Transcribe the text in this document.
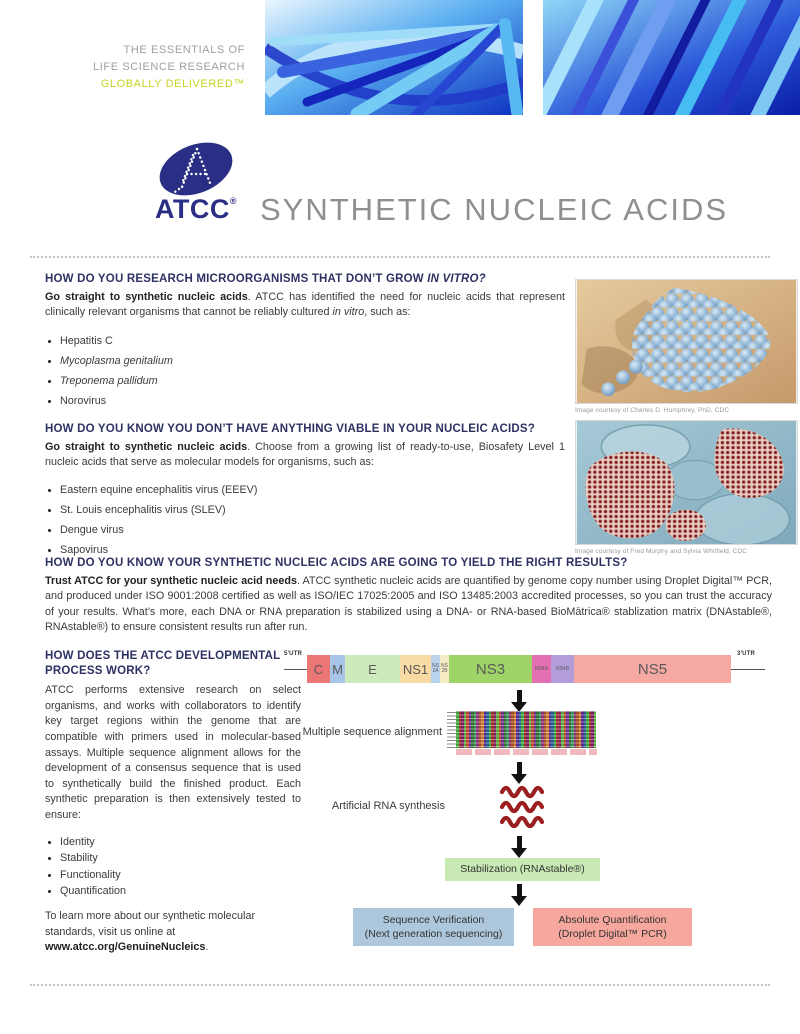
THE ESSENTIALS OF
LIFE SCIENCE RESEARCH
GLOBALLY DELIVERED™
ATCC® SYNTHETIC NUCLEIC ACIDS
HOW DO YOU RESEARCH MICROORGANISMS THAT DON’T GROW IN VITRO?

Go straight to synthetic nucleic acids. ATCC has identified the need for nucleic acids that represent clinically relevant organisms that cannot be reliably cultured in vitro, such as:

• Hepatitis C
• Mycoplasma genitalium
• Treponema pallidum
• Norovirus
Image courtesy of Charles D. Humphrey, PhD, CDC
HOW DO YOU KNOW YOU DON’T HAVE ANYTHING VIABLE IN YOUR NUCLEIC ACIDS?

Go straight to synthetic nucleic acids. Choose from a growing list of ready-to-use, Biosafety Level 1 nucleic acids that serve as molecular models for organisms, such as:

• Eastern equine encephalitis virus (EEEV)
• St. Louis encephalitis virus (SLEV)
• Dengue virus
• Sapovirus	Image courtesy of Fred Murphy and Sylvia Whitfield, CDC
HOW DO YOU KNOW YOUR SYNTHETIC NUCLEIC ACIDS ARE GOING TO YIELD THE RIGHT RESULTS?

Trust ATCC for your synthetic nucleic acid needs. ATCC synthetic nucleic acids are quantified by genome copy number using Droplet Digital™ PCR, and produced under ISO 9001:2008 certified as well as ISO/IEC 17025:2005 and ISO 13485:2003 accredited processes, so you can trust the accuracy of your results. What’s more, each DNA or RNA preparation is stabilized using a DNA- or RNA-based BioMātrica® stablization matrix (DNAstable®, RNAstable®) to ensure consistent results run after run.

HOW DOES THE ATCC DEVELOPMENTAL PROCESS WORK?

ATCC performs extensive research on select organisms, and works with collaborators to identify key target regions within the genome that are compatible with primers used in molecular-based assays. Multiple sequence alignment allows for the development of a consensus sequence that is used to synthetically build the finished product. Each synthetic preparation is then extensively tested to ensure:

• Identity
• Stability
• Functionality
• Quantification

To learn more about our synthetic molecular standards, visit us online at www.atcc.org/GenuineNucleics.

5'UTR
C M	E	NS1 NS2A
NS2B	NS3	NS4A	NS4B	NS5
3'UTR
Multiple sequence alignment
Artificial RNA synthesis
Stabilization (RNAstable®)
Sequence Verification
(Next generation sequencing)
Absolute Quantification
(Droplet Digital™ PCR)
